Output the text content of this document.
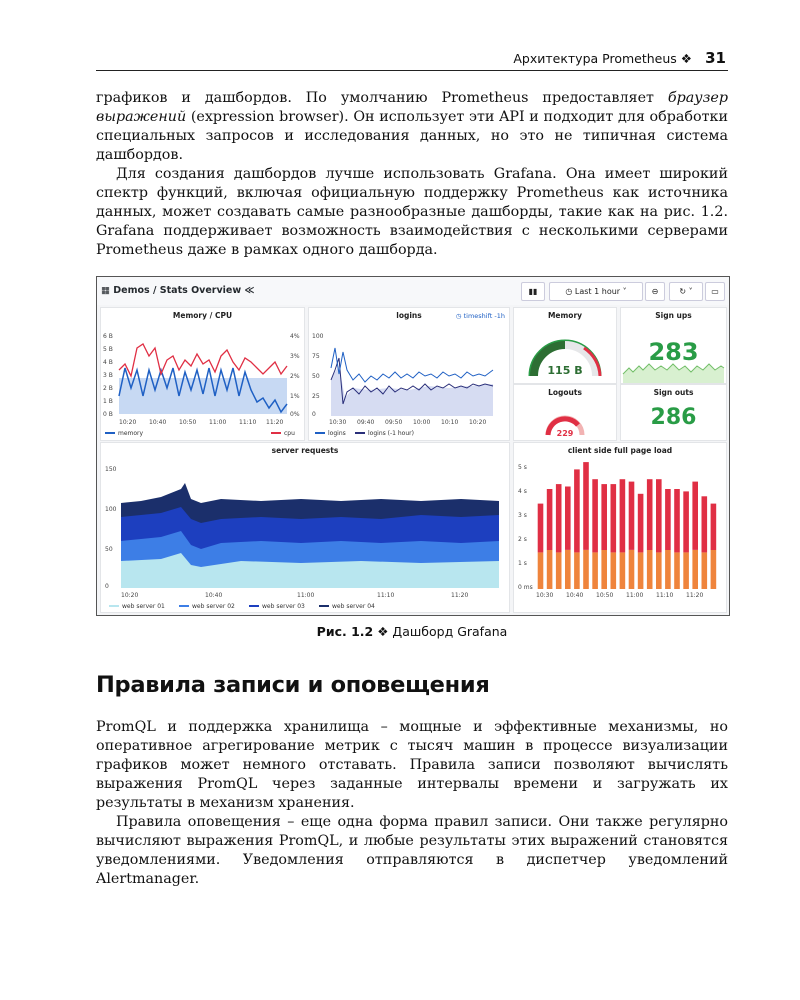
Архитектура Prometheus ❖ 31

графиков и дашбордов. По умолчанию Prometheus предоставляет браузер выражений (expression browser). Он использует эти API и подходит для обработки специальных запросов и исследования данных, но это не типичная система дашбордов.

Для создания дашбордов лучше использовать Grafana. Она имеет широкий спектр функций, включая официальную поддержку Prometheus как источника данных, может создавать самые разнообразные дашборды, такие как на рис. 1.2. Grafana поддерживает возможность взаимодействия с несколькими серверами Prometheus даже в рамках одного дашборда.

▦ Demos / Stats Overview ≪	▮▮	◷ Last 1 hour ˅	⊖	↻ ˅	▭
Memory / CPU
6 B
5 B
4 B
3 B
2 B
1 B
0 B
4%
3%
2%
1%
0%
10:20 10:40 10:50 11:00 11:10 11:20
memory	cpu
logins	◷ timeshift -1h
100
75
50
25
0
10:30 09:40 09:50 10:00 10:10 10:20
logins	logins (-1 hour)
Memory
115 B
Sign ups
283
Logouts
229
Sign outs
286
server requests
150
100
50
0
10:20	10:40	11:00	11:10	11:20
web server 01	web server 02	web server 03	web server 04
client side full page load
5 s
4 s
3 s
2 s
1 s
0 ms
10:30 10:40 10:50 11:00 11:10 11:20
Рис. 1.2 ❖ Дашборд Grafana
Правила записи и оповещения

PromQL и поддержка хранилища – мощные и эффективные механизмы, но оперативное агрегирование метрик с тысяч машин в процессе визуализации графиков может немного отставать. Правила записи позволяют вычислять выражения PromQL через заданные интервалы времени и загружать их результаты в механизм хранения.

Правила оповещения – еще одна форма правил записи. Они также регулярно вычисляют выражения PromQL, и любые результаты этих выражений становятся уведомлениями. Уведомления отправляются в диспетчер уведомлений Alertmanager.
